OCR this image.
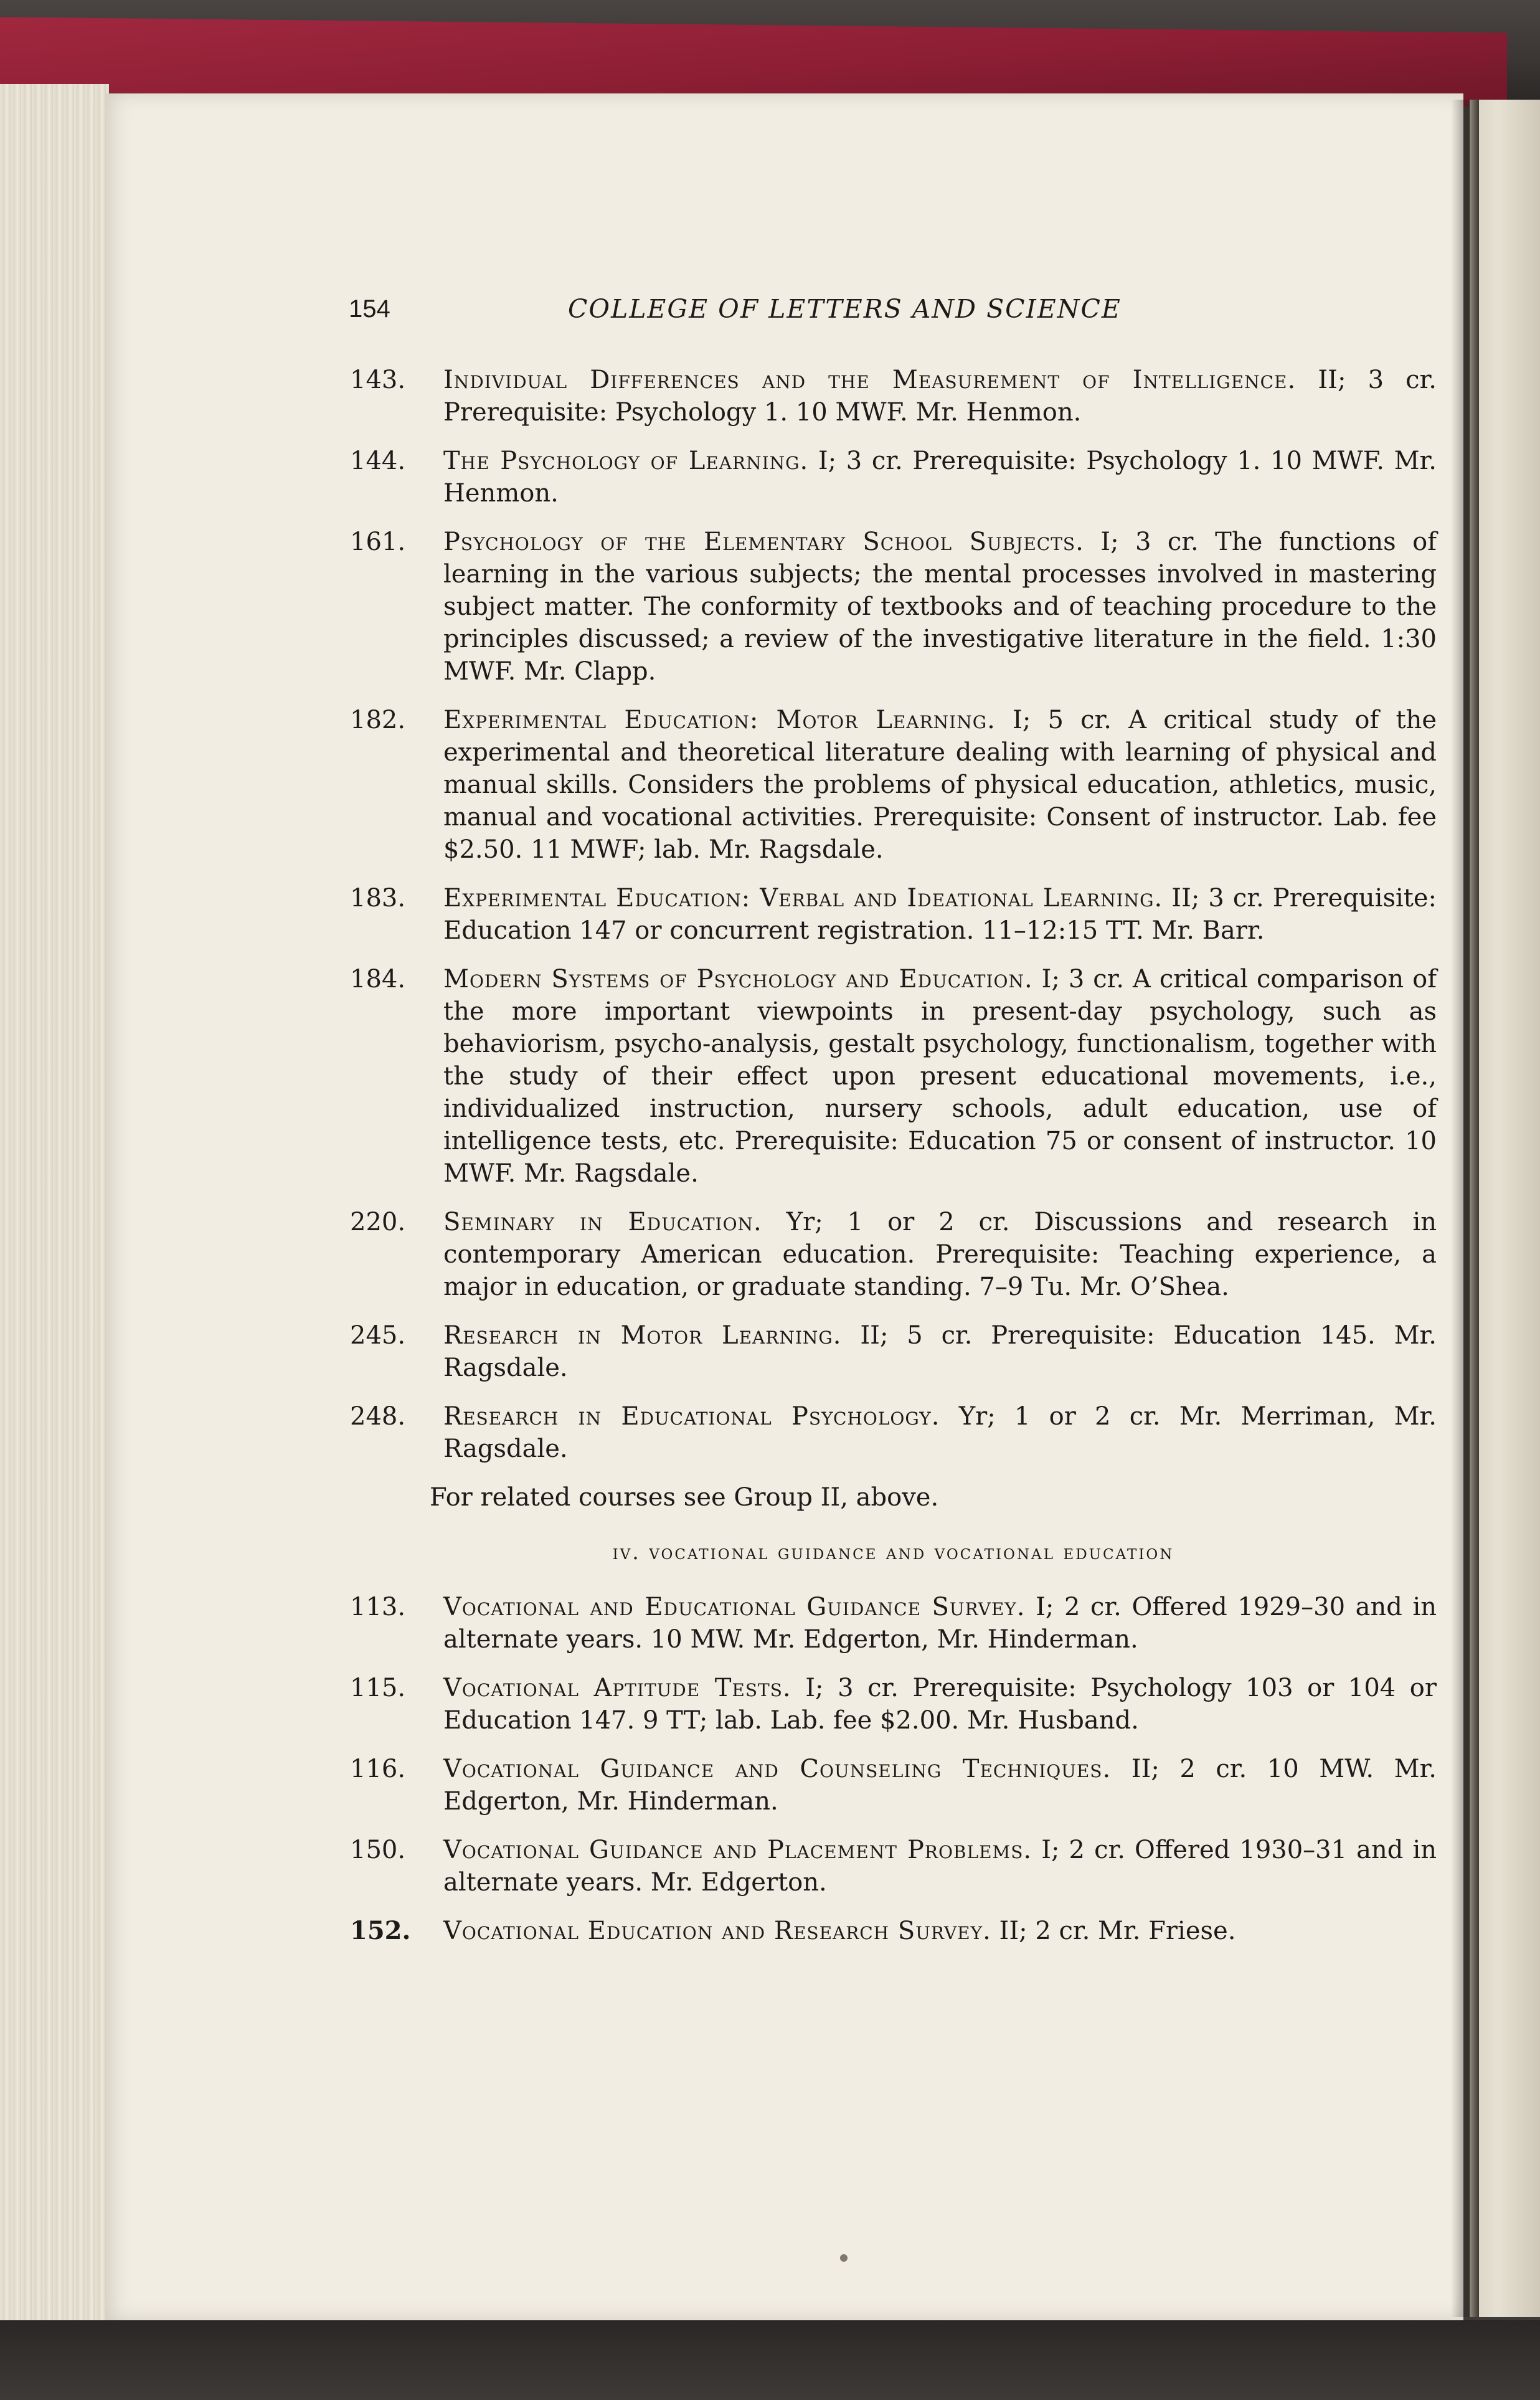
154	COLLEGE OF LETTERS AND SCIENCE
143. Individual Differences and the Measurement of Intelligence. II; 3 cr. Prerequisite: Psychology 1. 10 MWF. Mr. Henmon.
144. The Psychology of Learning. I; 3 cr. Prerequisite: Psychology 1. 10 MWF. Mr. Henmon.
161. Psychology of the Elementary School Subjects. I; 3 cr. The functions of learning in the various subjects; the mental processes involved in mastering subject matter. The conformity of textbooks and of teaching procedure to the principles discussed; a review of the investigative literature in the field. 1:30 MWF. Mr. Clapp.
182. Experimental Education: Motor Learning. I; 5 cr. A critical study of the experimental and theoretical literature dealing with learning of physical and manual skills. Considers the problems of physical education, athletics, music, manual and vocational activities. Prerequisite: Consent of instructor. Lab. fee $2.50. 11 MWF; lab. Mr. Ragsdale.
183. Experimental Education: Verbal and Ideational Learning. II; 3 cr. Prerequisite: Education 147 or concurrent registration. 11–12:15 TT. Mr. Barr.
184. Modern Systems of Psychology and Education. I; 3 cr. A critical comparison of the more important viewpoints in present-day psychology, such as behaviorism, psycho-analysis, gestalt psychology, functionalism, together with the study of their effect upon present educational movements, i.e., individualized instruction, nursery schools, adult education, use of intelligence tests, etc. Prerequisite: Education 75 or consent of instructor. 10 MWF. Mr. Ragsdale.
220. Seminary in Education. Yr; 1 or 2 cr. Discussions and research in contemporary American education. Prerequisite: Teaching experience, a major in education, or graduate standing. 7–9 Tu. Mr. O’Shea.
245. Research in Motor Learning. II; 5 cr. Prerequisite: Education 145. Mr. Ragsdale.
248. Research in Educational Psychology. Yr; 1 or 2 cr. Mr. Merriman, Mr. Ragsdale.
For related courses see Group II, above.
iv. vocational guidance and vocational education
113. Vocational and Educational Guidance Survey. I; 2 cr. Offered 1929–30 and in alternate years. 10 MW. Mr. Edgerton, Mr. Hinderman.
115. Vocational Aptitude Tests. I; 3 cr. Prerequisite: Psychology 103 or 104 or Education 147. 9 TT; lab. Lab. fee $2.00. Mr. Husband.
116. Vocational Guidance and Counseling Techniques. II; 2 cr. 10 MW. Mr. Edgerton, Mr. Hinderman.
150. Vocational Guidance and Placement Problems. I; 2 cr. Offered 1930–31 and in alternate years. Mr. Edgerton.
152. Vocational Education and Research Survey. II; 2 cr. Mr. Friese.
